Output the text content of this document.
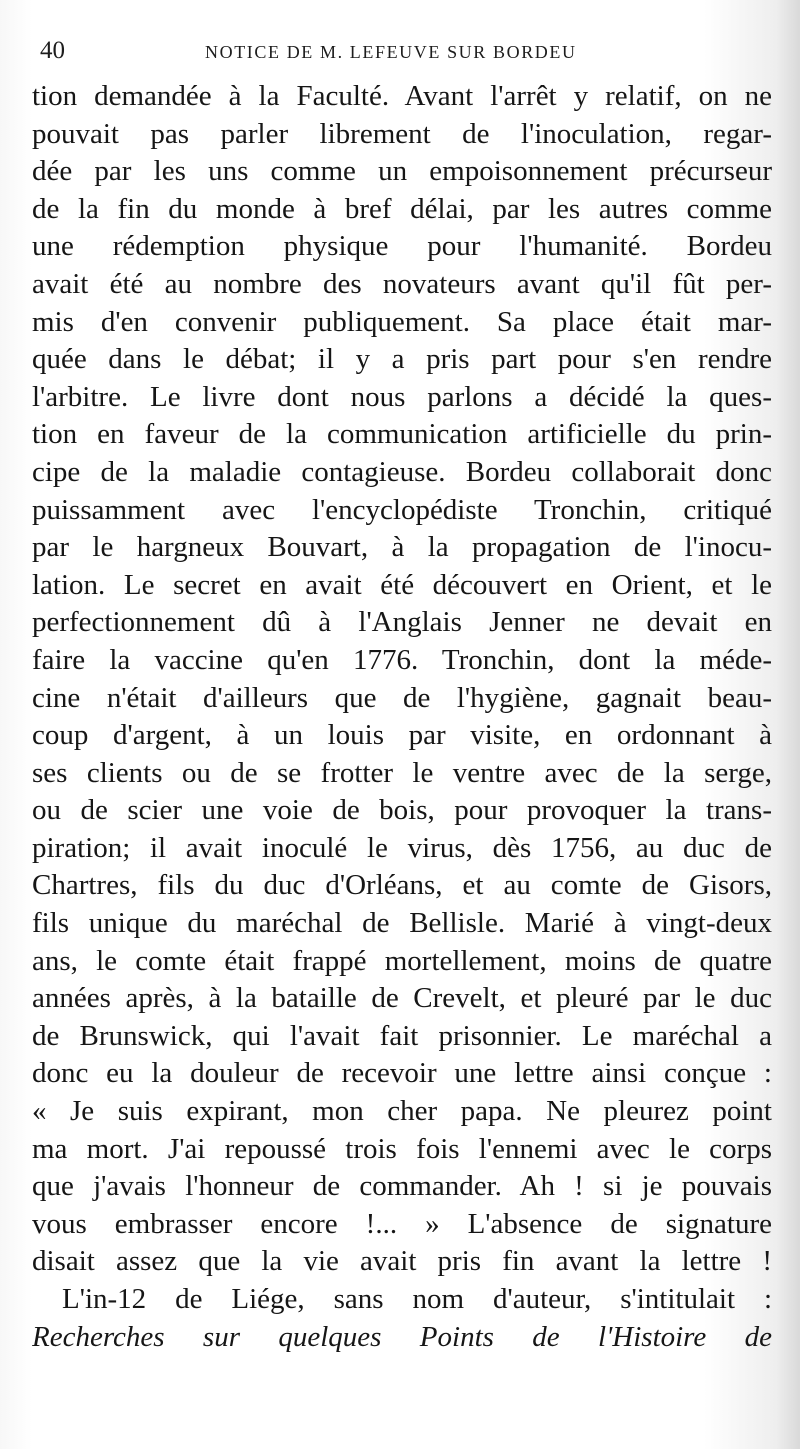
40	NOTICE DE M. LEFEUVE SUR BORDEU
tion demandée à la Faculté. Avant l'arrêt y relatif, on ne
pouvait pas parler librement de l'inoculation, regar-
dée par les uns comme un empoisonnement précurseur
de la fin du monde à bref délai, par les autres comme
une rédemption physique pour l'humanité. Bordeu
avait été au nombre des novateurs avant qu'il fût per-
mis d'en convenir publiquement. Sa place était mar-
quée dans le débat; il y a pris part pour s'en rendre
l'arbitre. Le livre dont nous parlons a décidé la ques-
tion en faveur de la communication artificielle du prin-
cipe de la maladie contagieuse. Bordeu collaborait donc
puissamment avec l'encyclopédiste Tronchin, critiqué
par le hargneux Bouvart, à la propagation de l'inocu-
lation. Le secret en avait été découvert en Orient, et le
perfectionnement dû à l'Anglais Jenner ne devait en
faire la vaccine qu'en 1776. Tronchin, dont la méde-
cine n'était d'ailleurs que de l'hygiène, gagnait beau-
coup d'argent, à un louis par visite, en ordonnant à
ses clients ou de se frotter le ventre avec de la serge,
ou de scier une voie de bois, pour provoquer la trans-
piration; il avait inoculé le virus, dès 1756, au duc de
Chartres, fils du duc d'Orléans, et au comte de Gisors,
fils unique du maréchal de Bellisle. Marié à vingt-deux
ans, le comte était frappé mortellement, moins de quatre
années après, à la bataille de Crevelt, et pleuré par le duc
de Brunswick, qui l'avait fait prisonnier. Le maréchal a
donc eu la douleur de recevoir une lettre ainsi conçue :
« Je suis expirant, mon cher papa. Ne pleurez point
ma mort. J'ai repoussé trois fois l'ennemi avec le corps
que j'avais l'honneur de commander. Ah ! si je pouvais
vous embrasser encore !... » L'absence de signature
disait assez que la vie avait pris fin avant la lettre !
L'in-12 de Liége, sans nom d'auteur, s'intitulait :
Recherches sur quelques Points de l'Histoire de
